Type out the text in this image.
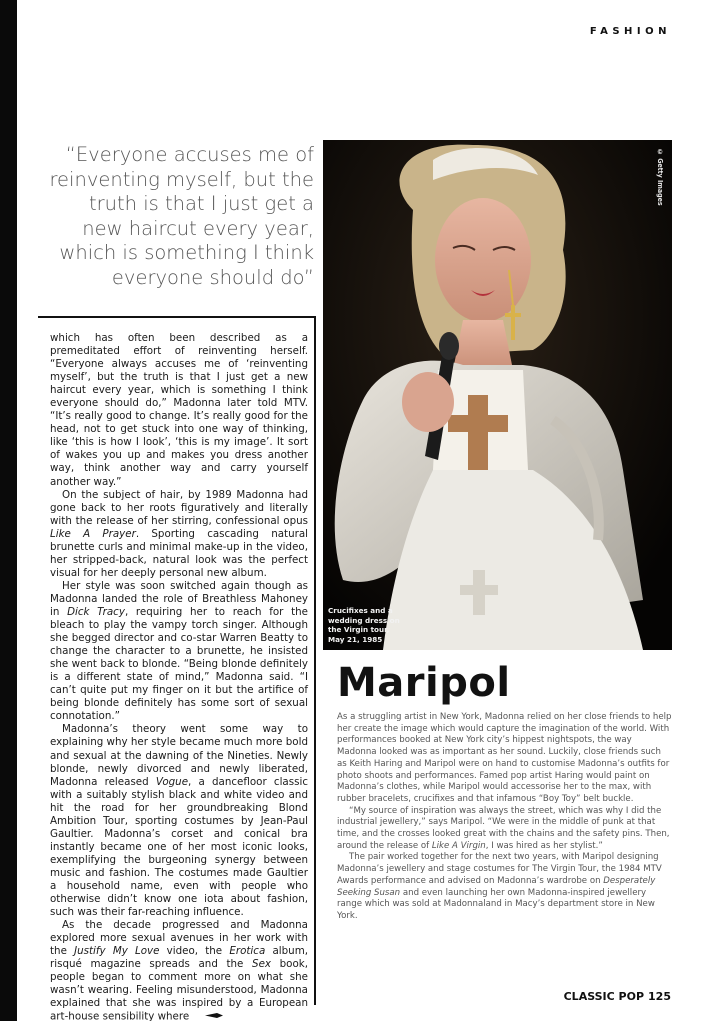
FASHION
“Everyone accuses me of reinventing myself, but the truth is that I just get a new haircut every year, which is something I think everyone should do”

which has often been described as a premeditated effort of reinventing herself. “Everyone always accuses me of ‘reinventing myself’, but the truth is that I just get a new haircut every year, which is something I think everyone should do,” Madonna later told MTV. “It’s really good to change. It’s really good for the head, not to get stuck into one way of thinking, like ‘this is how I look’, ‘this is my image’. It sort of wakes you up and makes you dress another way, think another way and carry yourself another way.”

On the subject of hair, by 1989 Madonna had gone back to her roots figuratively and literally with the release of her stirring, confessional opus Like A Prayer. Sporting cascading natural brunette curls and minimal make-up in the video, her stripped-back, natural look was the perfect visual for her deeply personal new album.

Her style was soon switched again though as Madonna landed the role of Breathless Mahoney in Dick Tracy, requiring her to reach for the bleach to play the vampy torch singer. Although she begged director and co-star Warren Beatty to change the character to a brunette, he insisted she went back to blonde. “Being blonde definitely is a different state of mind,” Madonna said. “I can’t quite put my finger on it but the artifice of being blonde definitely has some sort of sexual connotation.”

Madonna’s theory went some way to explaining why her style became much more bold and sexual at the dawning of the Nineties. Newly blonde, newly divorced and newly liberated, Madonna released Vogue, a dancefloor classic with a suitably stylish black and white video and hit the road for her groundbreaking Blond Ambition Tour, sporting costumes by Jean-Paul Gaultier. Madonna’s corset and conical bra instantly became one of her most iconic looks, exemplifying the burgeoning synergy between music and fashion. The costumes made Gaultier a household name, even with people who otherwise didn’t know one iota about fashion, such was their far-reaching influence.

As the decade progressed and Madonna explored more sexual avenues in her work with the Justify My Love video, the Erotica album, risqué magazine spreads and the Sex book, people began to comment more on what she wasn’t wearing. Feeling misunderstood, Madonna explained that she was inspired by a European art-house sensibility where

© Getty Images
Crucifixes and a wedding dress on the Virgin tour, May 21, 1985
Maripol

As a struggling artist in New York, Madonna relied on her close friends to help her create the image which would capture the imagination of the world. With performances booked at New York city’s hippest nightspots, the way Madonna looked was as important as her sound. Luckily, close friends such as Keith Haring and Maripol were on hand to customise Madonna’s outfits for photo shoots and performances. Famed pop artist Haring would paint on Madonna’s clothes, while Maripol would accessorise her to the max, with rubber bracelets, crucifixes and that infamous “Boy Toy” belt buckle.

“My source of inspiration was always the street, which was why I did the industrial jewellery,” says Maripol. “We were in the middle of punk at that time, and the crosses looked great with the chains and the safety pins. Then, around the release of Like A Virgin, I was hired as her stylist.”

The pair worked together for the next two years, with Maripol designing Madonna’s jewellery and stage costumes for The Virgin Tour, the 1984 MTV Awards performance and advised on Madonna’s wardrobe on Desperately Seeking Susan and even launching her own Madonna-inspired jewellery range which was sold at Madonnaland in Macy’s department store in New York.

CLASSIC POP 125
